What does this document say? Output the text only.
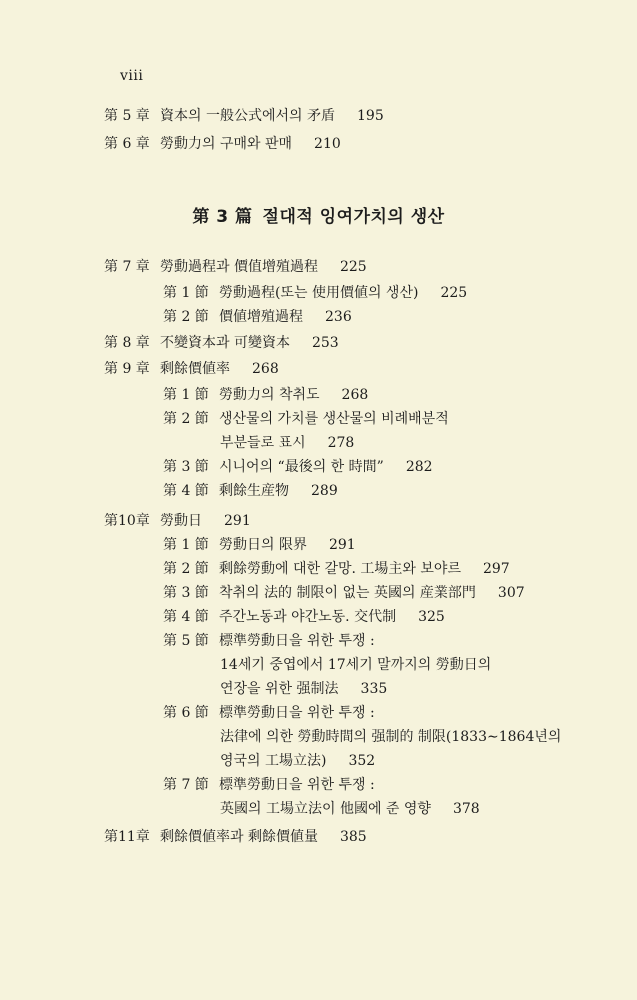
viii
第 5 章 資本의 一般公式에서의 矛盾 195
第 6 章 勞動力의 구매와 판매 210
第 3 篇 절대적 잉여가치의 생산
第 7 章 勞動過程과 價值增殖過程 225
第 1 節 勞動過程(또는 使用價値의 생산) 225
第 2 節 價値增殖過程 236
第 8 章 不變資本과 可變資本 253
第 9 章 剩餘價値率 268
第 1 節 勞動力의 착취도 268
第 2 節 생산물의 가치를 생산물의 비례배분적
부분들로 표시 278
第 3 節 시니어의 “最後의 한 時間” 282
第 4 節 剩餘生産物 289
第10章 勞動日 291
第 1 節 勞動日의 限界 291
第 2 節 剩餘勞動에 대한 갈망. 工場主와 보야르 297
第 3 節 착취의 法的 制限이 없는 英國의 産業部門 307
第 4 節 주간노동과 야간노동. 交代制 325
第 5 節 標準勞動日을 위한 투쟁 :
14세기 중엽에서 17세기 말까지의 勞動日의
연장을 위한 强制法 335
第 6 節 標準勞動日을 위한 투쟁 :
法律에 의한 勞動時間의 强制的 制限(1833∼1864년의
영국의 工場立法) 352
第 7 節 標準勞動日을 위한 투쟁 :
英國의 工場立法이 他國에 준 영향 378
第11章 剩餘價値率과 剩餘價値量 385
